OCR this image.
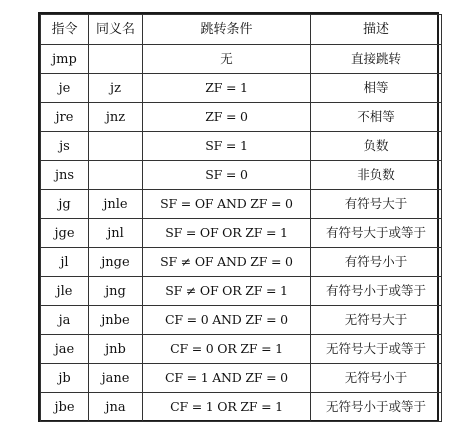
指令	同义名	跳转条件	描述
jmp		无	直接跳转
je	jz	ZF = 1	相等
jre	jnz	ZF = 0	不相等
js		SF = 1	负数
jns		SF = 0	非负数
jg	jnle	SF = OF AND ZF = 0	有符号大于
jge	jnl	SF = OF OR ZF = 1	有符号大于或等于
jl	jnge	SF ≠ OF AND ZF = 0	有符号小于
jle	jng	SF ≠ OF OR ZF = 1	有符号小于或等于
ja	jnbe	CF = 0 AND ZF = 0	无符号大于
jae	jnb	CF = 0 OR ZF = 1	无符号大于或等于
jb	jane	CF = 1 AND ZF = 0	无符号小于
jbe	jna	CF = 1 OR ZF = 1	无符号小于或等于
